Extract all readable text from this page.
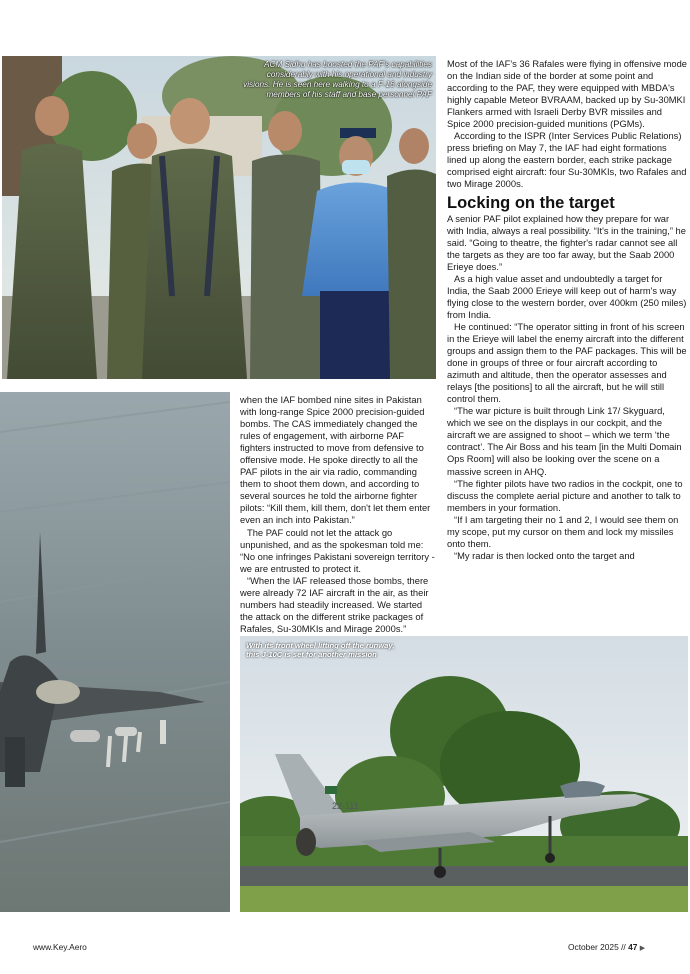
ACM Sidhu has boosted the PAF's capabilities considerably with his operational and industry visions. He is seen here walking to a F-16 alongside members of his staff and base personnel PAF
22-111
With its front wheel lifting off the runway, this J-10C is set for another mission

Most of the IAF's 36 Rafales were flying in offensive mode on the Indian side of the border at some point and according to the PAF, they were equipped with MBDA's highly capable Meteor BVRAAM, backed up by Su-30MKI Flankers armed with Israeli Derby BVR missiles and Spice 2000 precision-guided munitions (PGMs).

According to the ISPR (Inter Services Public Relations) press briefing on May 7, the IAF had eight formations lined up along the eastern border, each strike package comprised eight aircraft: four Su-30MKIs, two Rafales and two Mirage 2000s.

Locking on the target

A senior PAF pilot explained how they prepare for war with India, always a real possibility. “It's in the training,” he said. “Going to theatre, the fighter's radar cannot see all the targets as they are too far away, but the Saab 2000 Erieye does.”

As a high value asset and undoubtedly a target for India, the Saab 2000 Erieye will keep out of harm's way flying close to the western border, over 400km (250 miles) from India.

He continued: “The operator sitting in front of his screen in the Erieye will label the enemy aircraft into the different groups and assign them to the PAF packages. This will be done in groups of three or four aircraft according to azimuth and altitude, then the operator assesses and relays [the positions] to all the aircraft, but he will still control them.

“The war picture is built through Link 17/ Skyguard, which we see on the displays in our cockpit, and the aircraft we are assigned to shoot – which we term ‘the contract’. The Air Boss and his team [in the Multi Domain Ops Room] will also be looking over the scene on a massive screen in AHQ.

“The fighter pilots have two radios in the cockpit, one to discuss the complete aerial picture and another to talk to members in your formation.

“If I am targeting their no 1 and 2, I would see them on my scope, put my cursor on them and lock my missiles onto them.

“My radar is then locked onto the target and

when the IAF bombed nine sites in Pakistan with long-range Spice 2000 precision-guided bombs. The CAS immediately changed the rules of engagement, with airborne PAF fighters instructed to move from defensive to offensive mode. He spoke directly to all the PAF pilots in the air via radio, commanding them to shoot them down, and according to several sources he told the airborne fighter pilots: “Kill them, kill them, don't let them enter even an inch into Pakistan.”

The PAF could not let the attack go unpunished, and as the spokesman told me: “No one infringes Pakistani sovereign territory - we are entrusted to protect it.

“When the IAF released those bombs, there were already 72 IAF aircraft in the air, as their numbers had steadily increased. We started the attack on the different strike packages of Rafales, Su-30MKIs and Mirage 2000s.”

www.Key.Aero	October 2025 // 47 ▶
